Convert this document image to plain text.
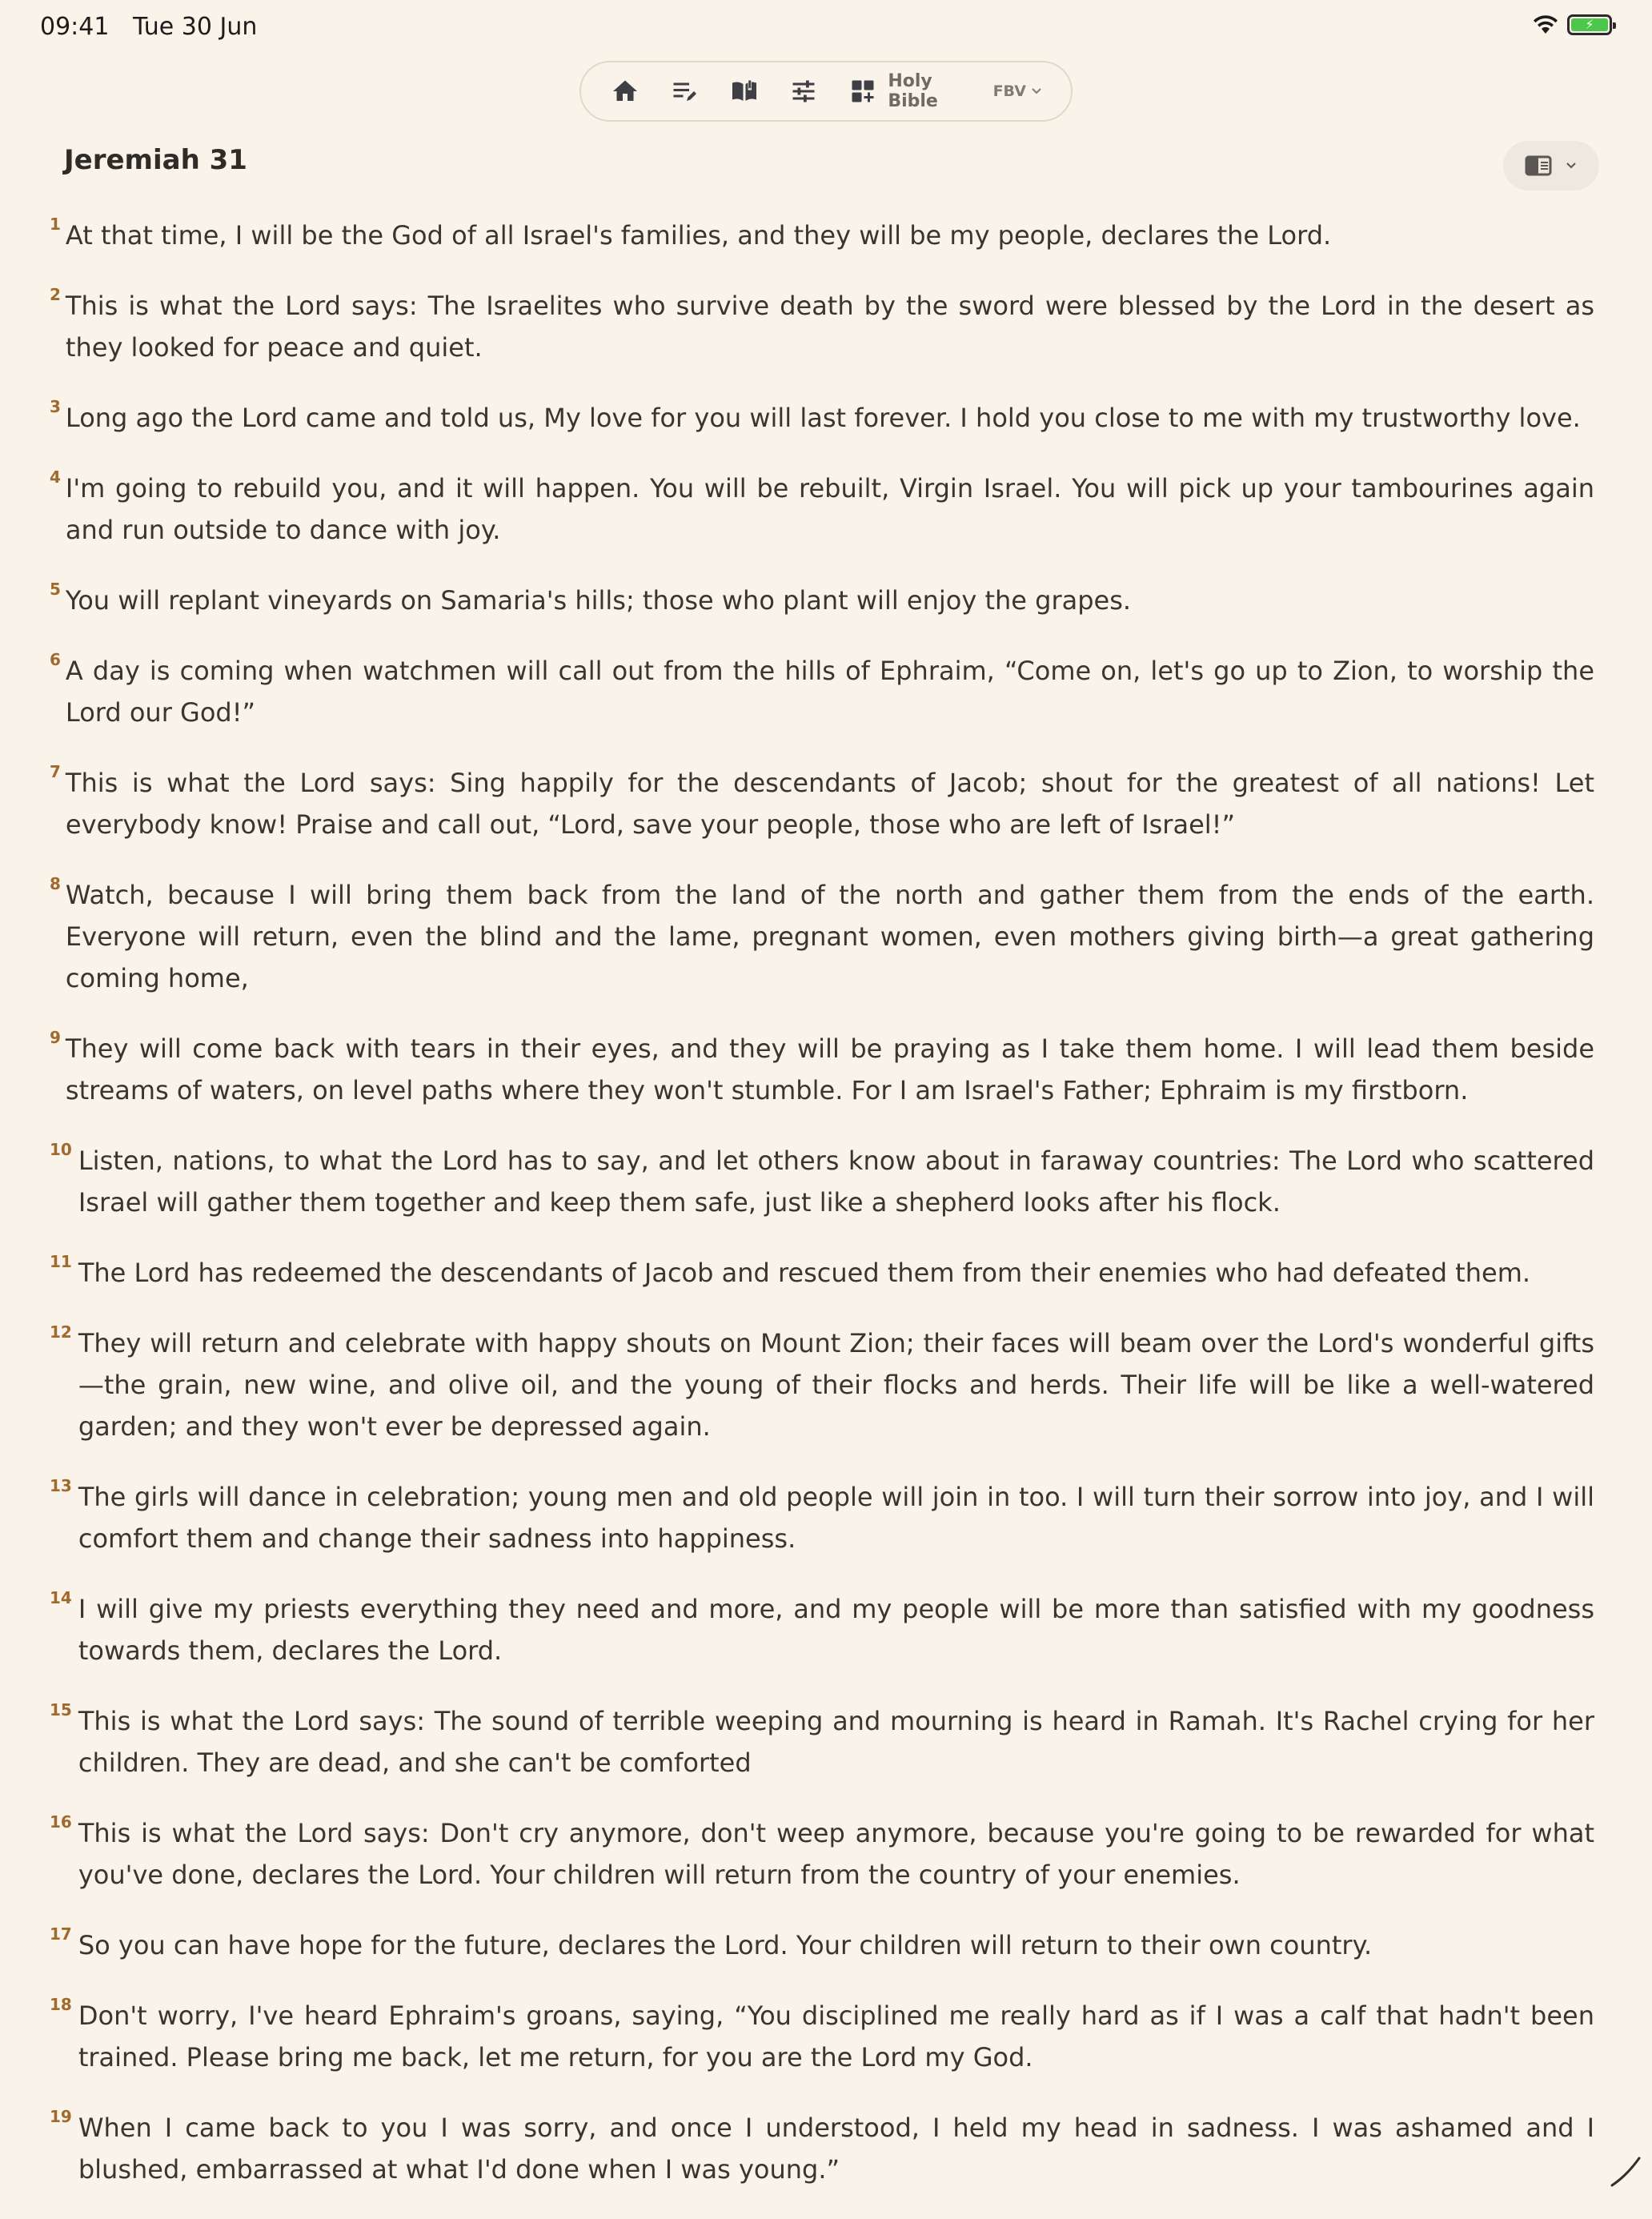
09:41 Tue 30 Jun	⚡
Holy Bible	FBV
Jeremiah 31
1 At that time, I will be the God of all Israel's families, and they will be my people, declares the Lord.
2 This is what the Lord says: The Israelites who survive death by the sword were blessed by the Lord in the desert as they looked for peace and quiet.
3 Long ago the Lord came and told us, My love for you will last forever. I hold you close to me with my trustworthy love.
4 I'm going to rebuild you, and it will happen. You will be rebuilt, Virgin Israel. You will pick up your tambourines again and run outside to dance with joy.
5 You will replant vineyards on Samaria's hills; those who plant will enjoy the grapes.
6 A day is coming when watchmen will call out from the hills of Ephraim, “Come on, let's go up to Zion, to worship the Lord our God!”
7 This is what the Lord says: Sing happily for the descendants of Jacob; shout for the greatest of all nations! Let everybody know! Praise and call out, “Lord, save your people, those who are left of Israel!”
8 Watch, because I will bring them back from the land of the north and gather them from the ends of the earth. Everyone will return, even the blind and the lame, pregnant women, even mothers giving birth—a great gathering coming home,
9 They will come back with tears in their eyes, and they will be praying as I take them home. I will lead them beside streams of waters, on level paths where they won't stumble. For I am Israel's Father; Ephraim is my firstborn.
10 Listen, nations, to what the Lord has to say, and let others know about in faraway countries: The Lord who scattered Israel will gather them together and keep them safe, just like a shepherd looks after his flock.
11 The Lord has redeemed the descendants of Jacob and rescued them from their enemies who had defeated them.
12 They will return and celebrate with happy shouts on Mount Zion; their faces will beam over the Lord's wonderful gifts—the grain, new wine, and olive oil, and the young of their flocks and herds. Their life will be like a well-watered garden; and they won't ever be depressed again.
13 The girls will dance in celebration; young men and old people will join in too. I will turn their sorrow into joy, and I will comfort them and change their sadness into happiness.
14 I will give my priests everything they need and more, and my people will be more than satisfied with my goodness towards them, declares the Lord.
15 This is what the Lord says: The sound of terrible weeping and mourning is heard in Ramah. It's Rachel crying for her children. They are dead, and she can't be comforted
16 This is what the Lord says: Don't cry anymore, don't weep anymore, because you're going to be rewarded for what you've done, declares the Lord. Your children will return from the country of your enemies.
17 So you can have hope for the future, declares the Lord. Your children will return to their own country.
18 Don't worry, I've heard Ephraim's groans, saying, “You disciplined me really hard as if I was a calf that hadn't been trained. Please bring me back, let me return, for you are the Lord my God.
19 When I came back to you I was sorry, and once I understood, I held my head in sadness. I was ashamed and I blushed, embarrassed at what I'd done when I was young.”
